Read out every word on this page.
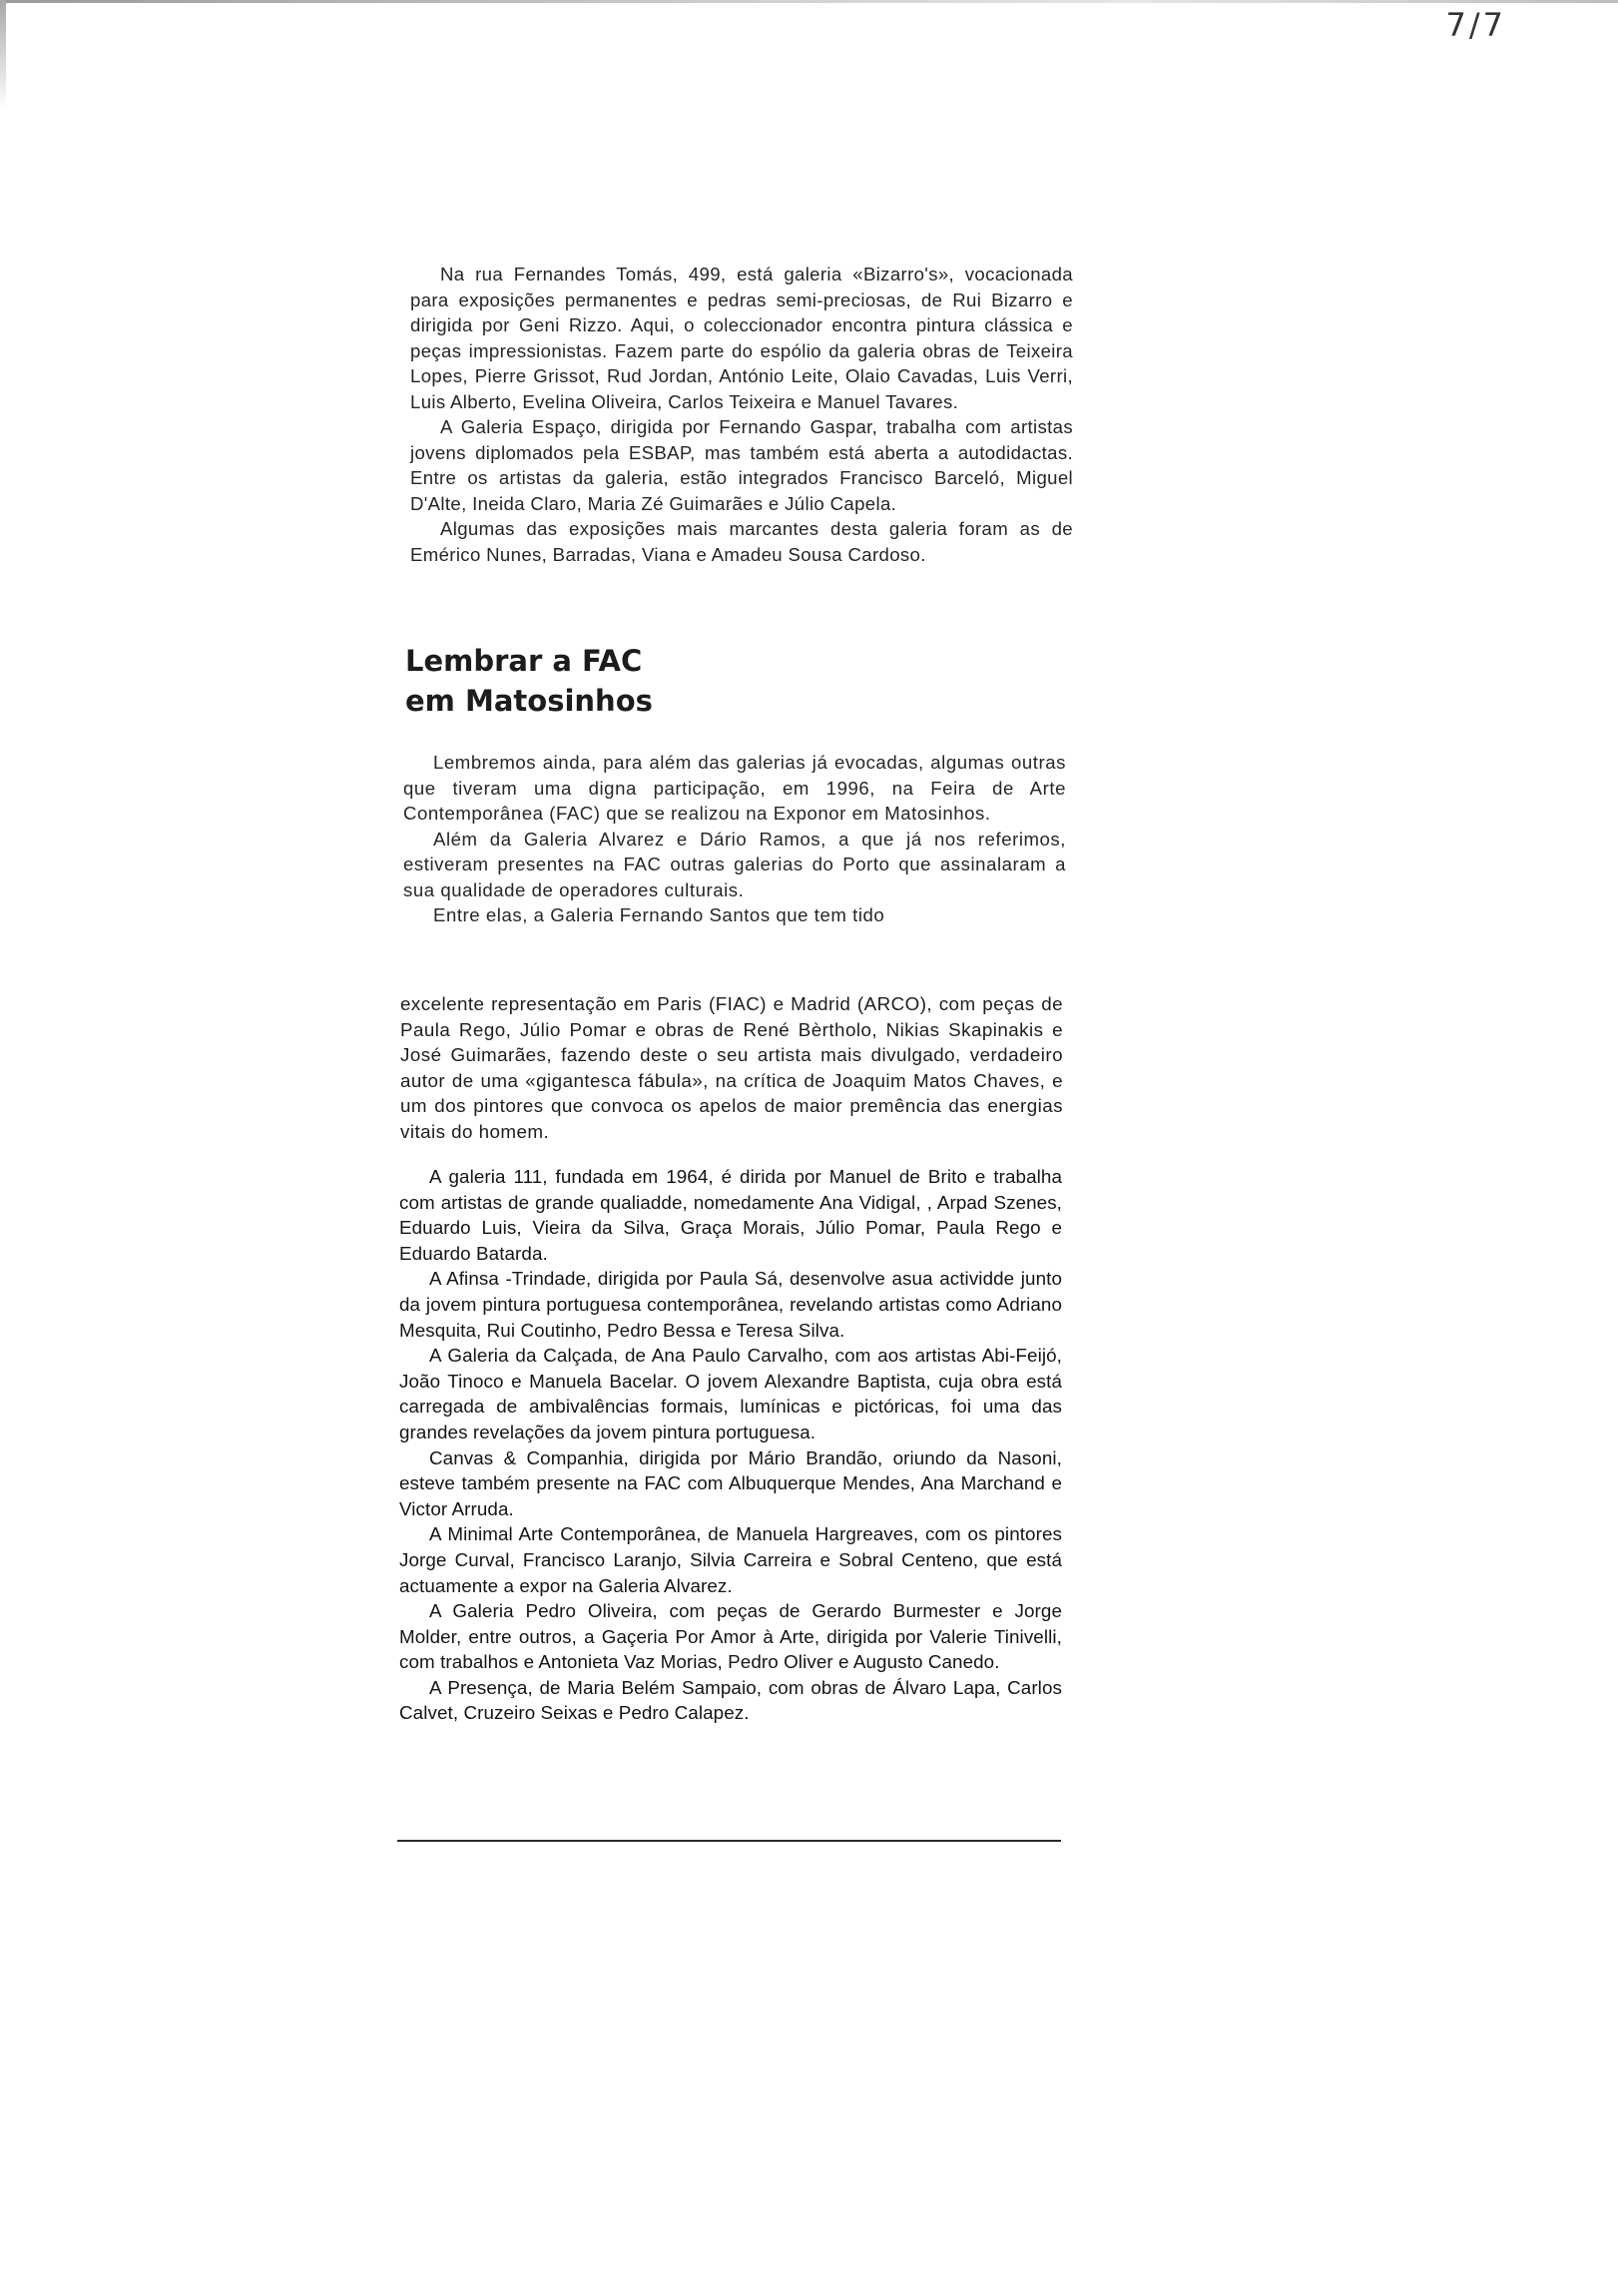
7/7

Na rua Fernandes Tomás, 499, está galeria «Bizarro's», vocacionada para exposições permanentes e pedras semi-preciosas, de Rui Bizarro e dirigida por Geni Rizzo. Aqui, o coleccionador encontra pintura clássica e peças impressionistas. Fazem parte do espólio da galeria obras de Teixeira Lopes, Pierre Grissot, Rud Jordan, António Leite, Olaio Cavadas, Luis Verri, Luis Alberto, Evelina Oliveira, Carlos Teixeira e Manuel Tavares.

A Galeria Espaço, dirigida por Fernando Gaspar, trabalha com artistas jovens diplomados pela ESBAP, mas também está aberta a autodidactas. Entre os artistas da galeria, estão integrados Francisco Barceló, Miguel D'Alte, Ineida Claro, Maria Zé Guimarães e Júlio Capela.

Algumas das exposições mais marcantes desta galeria foram as de Emérico Nunes, Barradas, Viana e Amadeu Sousa Cardoso.

Lembrar a FAC
em Matosinhos

Lembremos ainda, para além das galerias já evocadas, algumas outras que tiveram uma digna participação, em 1996, na Feira de Arte Contemporânea (FAC) que se realizou na Exponor em Matosinhos.

Além da Galeria Alvarez e Dário Ramos, a que já nos referimos, estiveram presentes na FAC outras galerias do Porto que assinalaram a sua qualidade de operadores culturais.

Entre elas, a Galeria Fernando Santos que tem tido

excelente representação em Paris (FIAC) e Madrid (ARCO), com peças de Paula Rego, Júlio Pomar e obras de René Bèrtholo, Nikias Skapinakis e José Guimarães, fazendo deste o seu artista mais divulgado, verdadeiro autor de uma «gigantesca fábula», na crítica de Joaquim Matos Chaves, e um dos pintores que convoca os apelos de maior premência das energias vitais do homem.

A galeria 111, fundada em 1964, é dirida por Manuel de Brito e trabalha com artistas de grande qualiadde, nomedamente Ana Vidigal, , Arpad Szenes, Eduardo Luis, Vieira da Silva, Graça Morais, Júlio Pomar, Paula Rego e Eduardo Batarda.

A Afinsa -Trindade, dirigida por Paula Sá, desenvolve asua actividde junto da jovem pintura portuguesa contemporânea, revelando artistas como Adriano Mesquita, Rui Coutinho, Pedro Bessa e Teresa Silva.

A Galeria da Calçada, de Ana Paulo Carvalho, com aos artistas Abi-Feijó, João Tinoco e Manuela Bacelar. O jovem Alexandre Baptista, cuja obra está carregada de ambivalências formais, lumínicas e pictóricas, foi uma das grandes revelações da jovem pintura portuguesa.

Canvas & Companhia, dirigida por Mário Brandão, oriundo da Nasoni, esteve também presente na FAC com Albuquerque Mendes, Ana Marchand e Victor Arruda.

A Minimal Arte Contemporânea, de Manuela Hargreaves, com os pintores Jorge Curval, Francisco Laranjo, Silvia Carreira e Sobral Centeno, que está actuamente a expor na Galeria Alvarez.

A Galeria Pedro Oliveira, com peças de Gerardo Burmester e Jorge Molder, entre outros, a Gaçeria Por Amor à Arte, dirigida por Valerie Tinivelli, com trabalhos e Antonieta Vaz Morias, Pedro Oliver e Augusto Canedo.

A Presença, de Maria Belém Sampaio, com obras de Álvaro Lapa, Carlos Calvet, Cruzeiro Seixas e Pedro Calapez.
